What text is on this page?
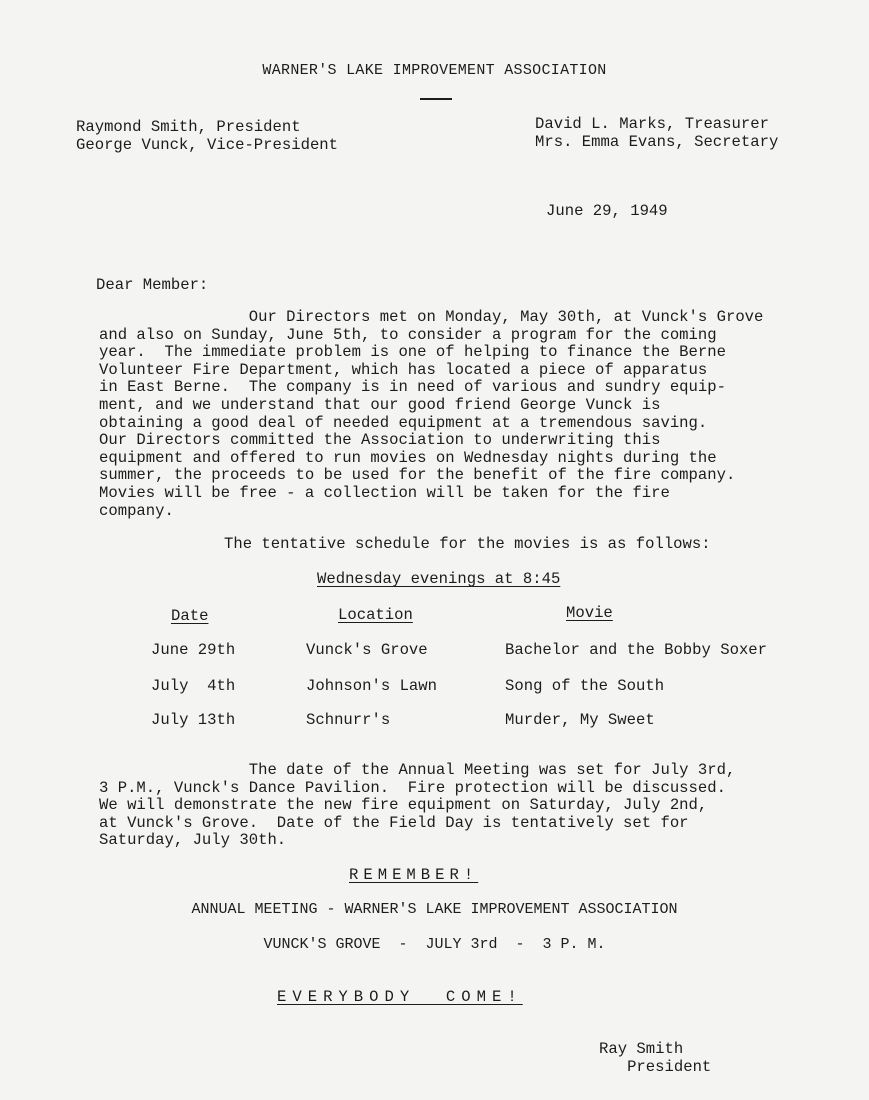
WARNER'S LAKE IMPROVEMENT ASSOCIATION
Raymond Smith, President
George Vunck, Vice-President
David L. Marks, Treasurer
Mrs. Emma Evans, Secretary
June 29, 1949
Dear Member:
Our Directors met on Monday, May 30th, at Vunck's Grove
and also on Sunday, June 5th, to consider a program for the coming
year.  The immediate problem is one of helping to finance the Berne
Volunteer Fire Department, which has located a piece of apparatus
in East Berne.  The company is in need of various and sundry equip-
ment, and we understand that our good friend George Vunck is
obtaining a good deal of needed equipment at a tremendous saving.
Our Directors committed the Association to underwriting this
equipment and offered to run movies on Wednesday nights during the
summer, the proceeds to be used for the benefit of the fire company.
Movies will be free - a collection will be taken for the fire
company.
The tentative schedule for the movies is as follows:
Wednesday evenings at 8:45
Date	Location	Movie
June 29th	Vunck's Grove	Bachelor and the Bobby Soxer
July  4th	Johnson's Lawn	Song of the South
July 13th	Schnurr's	Murder, My Sweet
The date of the Annual Meeting was set for July 3rd,
3 P.M., Vunck's Dance Pavilion.  Fire protection will be discussed.
We will demonstrate the new fire equipment on Saturday, July 2nd,
at Vunck's Grove.  Date of the Field Day is tentatively set for
Saturday, July 30th.
REMEMBER!
ANNUAL MEETING - WARNER'S LAKE IMPROVEMENT ASSOCIATION
VUNCK'S GROVE  -  JULY 3rd  -  3 P. M.
EVERYBODY  COME!
Ray Smith
President
